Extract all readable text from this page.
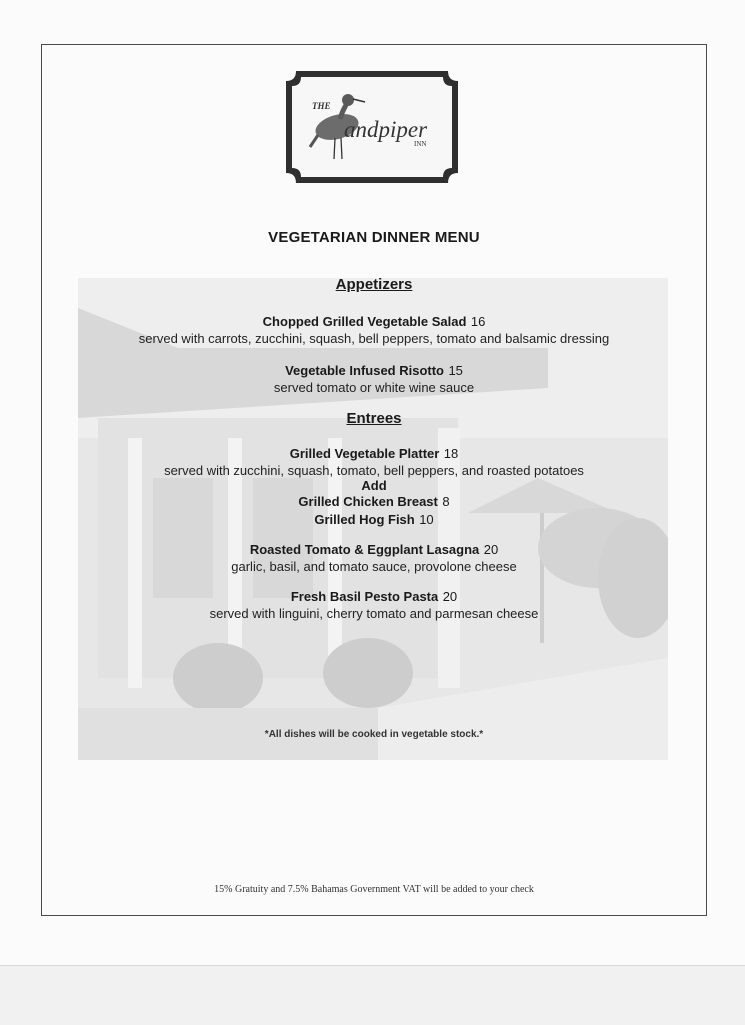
THE
andpiper
INN
VEGETARIAN DINNER MENU
Appetizers
Chopped Grilled Vegetable Salad 16
served with carrots, zucchini, squash, bell peppers, tomato and balsamic dressing
Vegetable Infused Risotto 15
served tomato or white wine sauce
Entrees
Grilled Vegetable Platter 18
served with zucchini, squash, tomato, bell peppers, and roasted potatoes
Add
Grilled Chicken Breast 8
Grilled Hog Fish 10
Roasted Tomato & Eggplant Lasagna 20
garlic, basil, and tomato sauce, provolone cheese
Fresh Basil Pesto Pasta 20
served with linguini, cherry tomato and parmesan cheese
*All dishes will be cooked in vegetable stock.*
15% Gratuity and 7.5% Bahamas Government VAT will be added to your check
